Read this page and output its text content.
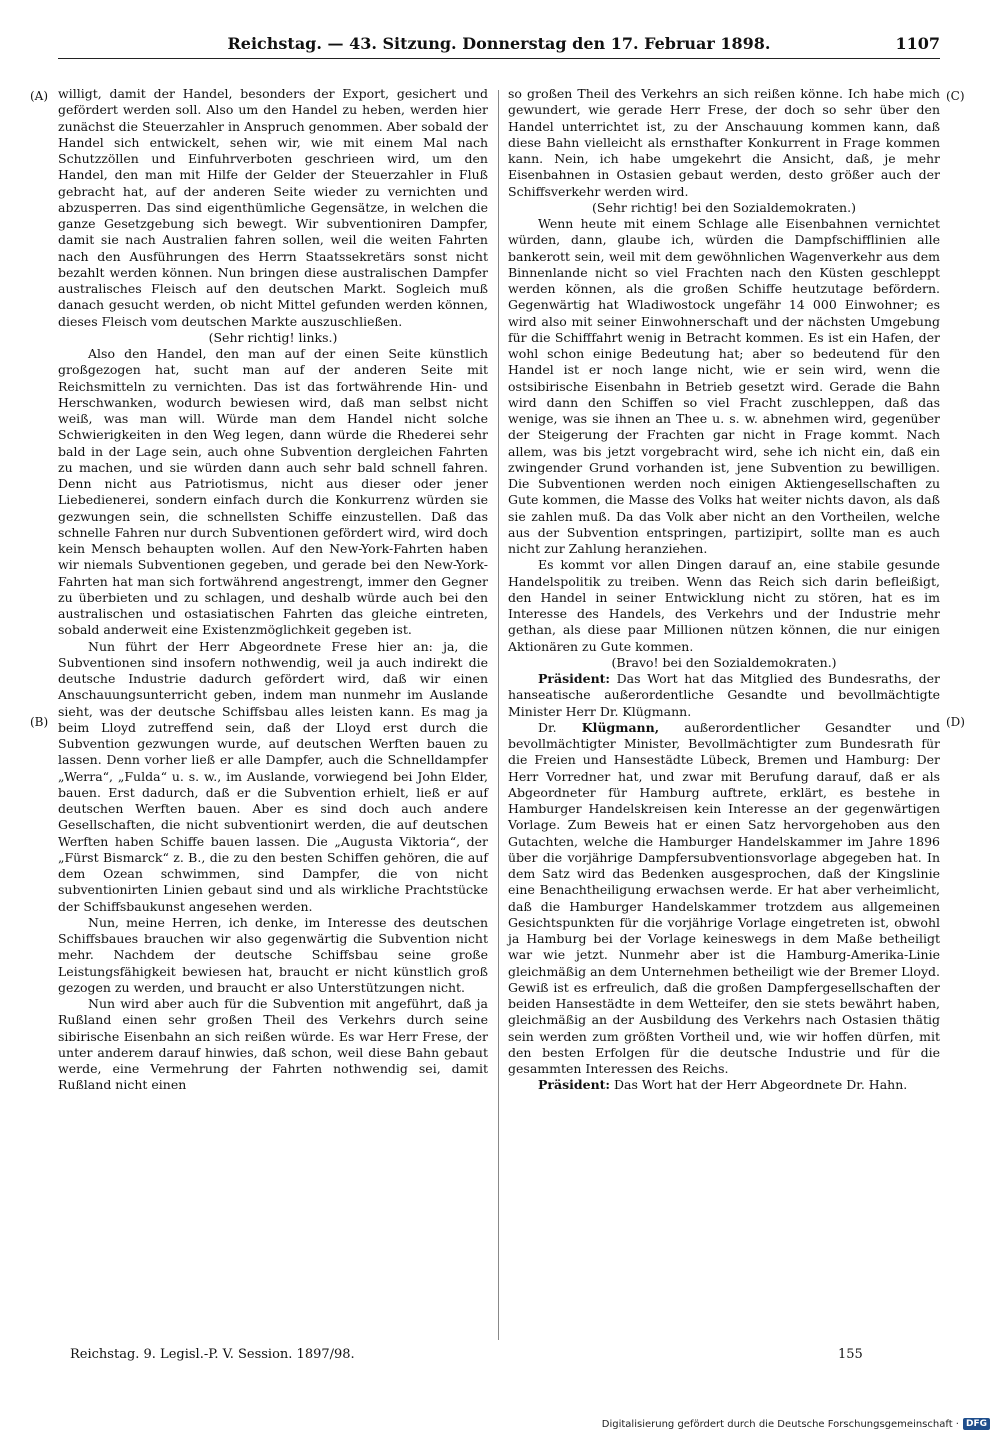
Reichstag. — 43. Sitzung. Donnerstag den 17. Februar 1898.	1107
(A)
(B)
(C)
(D)

willigt, damit der Handel, besonders der Export, gesichert und gefördert werden soll. Also um den Handel zu heben, werden hier zunächst die Steuerzahler in Anspruch genommen. Aber sobald der Handel sich entwickelt, sehen wir, wie mit einem Mal nach Schutzzöllen und Einfuhrverboten geschrieen wird, um den Handel, den man mit Hilfe der Gelder der Steuerzahler in Fluß gebracht hat, auf der anderen Seite wieder zu vernichten und abzusperren. Das sind eigenthümliche Gegensätze, in welchen die ganze Gesetzgebung sich bewegt. Wir subventioniren Dampfer, damit sie nach Australien fahren sollen, weil die weiten Fahrten nach den Ausführungen des Herrn Staatssekretärs sonst nicht bezahlt werden können. Nun bringen diese australischen Dampfer australisches Fleisch auf den deutschen Markt. Sogleich muß danach gesucht werden, ob nicht Mittel gefunden werden können, dieses Fleisch vom deutschen Markte auszuschließen.

(Sehr richtig! links.)

Also den Handel, den man auf der einen Seite künstlich großgezogen hat, sucht man auf der anderen Seite mit Reichsmitteln zu vernichten. Das ist das fortwährende Hin- und Herschwanken, wodurch bewiesen wird, daß man selbst nicht weiß, was man will. Würde man dem Handel nicht solche Schwierigkeiten in den Weg legen, dann würde die Rhederei sehr bald in der Lage sein, auch ohne Subvention dergleichen Fahrten zu machen, und sie würden dann auch sehr bald schnell fahren. Denn nicht aus Patriotismus, nicht aus dieser oder jener Liebedienerei, sondern einfach durch die Konkurrenz würden sie gezwungen sein, die schnellsten Schiffe einzustellen. Daß das schnelle Fahren nur durch Subventionen gefördert wird, wird doch kein Mensch behaupten wollen. Auf den New-York-Fahrten haben wir niemals Subventionen gegeben, und gerade bei den New-York-Fahrten hat man sich fortwährend angestrengt, immer den Gegner zu überbieten und zu schlagen, und deshalb würde auch bei den australischen und ostasiatischen Fahrten das gleiche eintreten, sobald anderweit eine Existenzmöglichkeit gegeben ist.

Nun führt der Herr Abgeordnete Frese hier an: ja, die Subventionen sind insofern nothwendig, weil ja auch indirekt die deutsche Industrie dadurch gefördert wird, daß wir einen Anschauungsunterricht geben, indem man nunmehr im Auslande sieht, was der deutsche Schiffsbau alles leisten kann. Es mag ja beim Lloyd zutreffend sein, daß der Lloyd erst durch die Subvention gezwungen wurde, auf deutschen Werften bauen zu lassen. Denn vorher ließ er alle Dampfer, auch die Schnelldampfer „Werra“, „Fulda“ u. s. w., im Auslande, vorwiegend bei John Elder, bauen. Erst dadurch, daß er die Subvention erhielt, ließ er auf deutschen Werften bauen. Aber es sind doch auch andere Gesellschaften, die nicht subventionirt werden, die auf deutschen Werften haben Schiffe bauen lassen. Die „Augusta Viktoria“, der „Fürst Bismarck“ z. B., die zu den besten Schiffen gehören, die auf dem Ozean schwimmen, sind Dampfer, die von nicht subventionirten Linien gebaut sind und als wirkliche Prachtstücke der Schiffsbaukunst angesehen werden.

Nun, meine Herren, ich denke, im Interesse des deutschen Schiffsbaues brauchen wir also gegenwärtig die Subvention nicht mehr. Nachdem der deutsche Schiffsbau seine große Leistungsfähigkeit bewiesen hat, braucht er nicht künstlich groß gezogen zu werden, und braucht er also Unterstützungen nicht.

Nun wird aber auch für die Subvention mit angeführt, daß ja Rußland einen sehr großen Theil des Verkehrs durch seine sibirische Eisenbahn an sich reißen würde. Es war Herr Frese, der unter anderem darauf hinwies, daß schon, weil diese Bahn gebaut werde, eine Vermehrung der Fahrten nothwendig sei, damit Rußland nicht einen

so großen Theil des Verkehrs an sich reißen könne. Ich habe mich gewundert, wie gerade Herr Frese, der doch so sehr über den Handel unterrichtet ist, zu der Anschauung kommen kann, daß diese Bahn vielleicht als ernsthafter Konkurrent in Frage kommen kann. Nein, ich habe umgekehrt die Ansicht, daß, je mehr Eisenbahnen in Ostasien gebaut werden, desto größer auch der Schiffsverkehr werden wird.

(Sehr richtig! bei den Sozialdemokraten.)

Wenn heute mit einem Schlage alle Eisenbahnen vernichtet würden, dann, glaube ich, würden die Dampfschifflinien alle bankerott sein, weil mit dem gewöhnlichen Wagenverkehr aus dem Binnenlande nicht so viel Frachten nach den Küsten geschleppt werden können, als die großen Schiffe heutzutage befördern. Gegenwärtig hat Wladiwostock ungefähr 14 000 Einwohner; es wird also mit seiner Einwohnerschaft und der nächsten Umgebung für die Schifffahrt wenig in Betracht kommen. Es ist ein Hafen, der wohl schon einige Bedeutung hat; aber so bedeutend für den Handel ist er noch lange nicht, wie er sein wird, wenn die ostsibirische Eisenbahn in Betrieb gesetzt wird. Gerade die Bahn wird dann den Schiffen so viel Fracht zuschleppen, daß das wenige, was sie ihnen an Thee u. s. w. abnehmen wird, gegenüber der Steigerung der Frachten gar nicht in Frage kommt. Nach allem, was bis jetzt vorgebracht wird, sehe ich nicht ein, daß ein zwingender Grund vorhanden ist, jene Subvention zu bewilligen. Die Subventionen werden noch einigen Aktiengesellschaften zu Gute kommen, die Masse des Volks hat weiter nichts davon, als daß sie zahlen muß. Da das Volk aber nicht an den Vortheilen, welche aus der Subvention entspringen, partizipirt, sollte man es auch nicht zur Zahlung heranziehen.

Es kommt vor allen Dingen darauf an, eine stabile gesunde Handelspolitik zu treiben. Wenn das Reich sich darin befleißigt, den Handel in seiner Entwicklung nicht zu stören, hat es im Interesse des Handels, des Verkehrs und der Industrie mehr gethan, als diese paar Millionen nützen können, die nur einigen Aktionären zu Gute kommen.

(Bravo! bei den Sozialdemokraten.)

Präsident: Das Wort hat das Mitglied des Bundesraths, der hanseatische außerordentliche Gesandte und bevollmächtigte Minister Herr Dr. Klügmann.

Dr. Klügmann, außerordentlicher Gesandter und bevollmächtigter Minister, Bevollmächtigter zum Bundesrath für die Freien und Hansestädte Lübeck, Bremen und Hamburg: Der Herr Vorredner hat, und zwar mit Berufung darauf, daß er als Abgeordneter für Hamburg auftrete, erklärt, es bestehe in Hamburger Handelskreisen kein Interesse an der gegenwärtigen Vorlage. Zum Beweis hat er einen Satz hervorgehoben aus den Gutachten, welche die Hamburger Handelskammer im Jahre 1896 über die vorjährige Dampfersubventionsvorlage abgegeben hat. In dem Satz wird das Bedenken ausgesprochen, daß der Kingslinie eine Benachtheiligung erwachsen werde. Er hat aber verheimlicht, daß die Hamburger Handelskammer trotzdem aus allgemeinen Gesichtspunkten für die vorjährige Vorlage eingetreten ist, obwohl ja Hamburg bei der Vorlage keineswegs in dem Maße betheiligt war wie jetzt. Nunmehr aber ist die Hamburg-Amerika-Linie gleichmäßig an dem Unternehmen betheiligt wie der Bremer Lloyd. Gewiß ist es erfreulich, daß die großen Dampfergesellschaften der beiden Hansestädte in dem Wetteifer, den sie stets bewährt haben, gleichmäßig an der Ausbildung des Verkehrs nach Ostasien thätig sein werden zum größten Vortheil und, wie wir hoffen dürfen, mit den besten Erfolgen für die deutsche Industrie und für die gesammten Interessen des Reichs.

Präsident: Das Wort hat der Herr Abgeordnete Dr. Hahn.

Reichstag. 9. Legisl.-P. V. Session. 1897/98.	155
Digitalisierung gefördert durch die Deutsche Forschungsgemeinschaft · DFG
